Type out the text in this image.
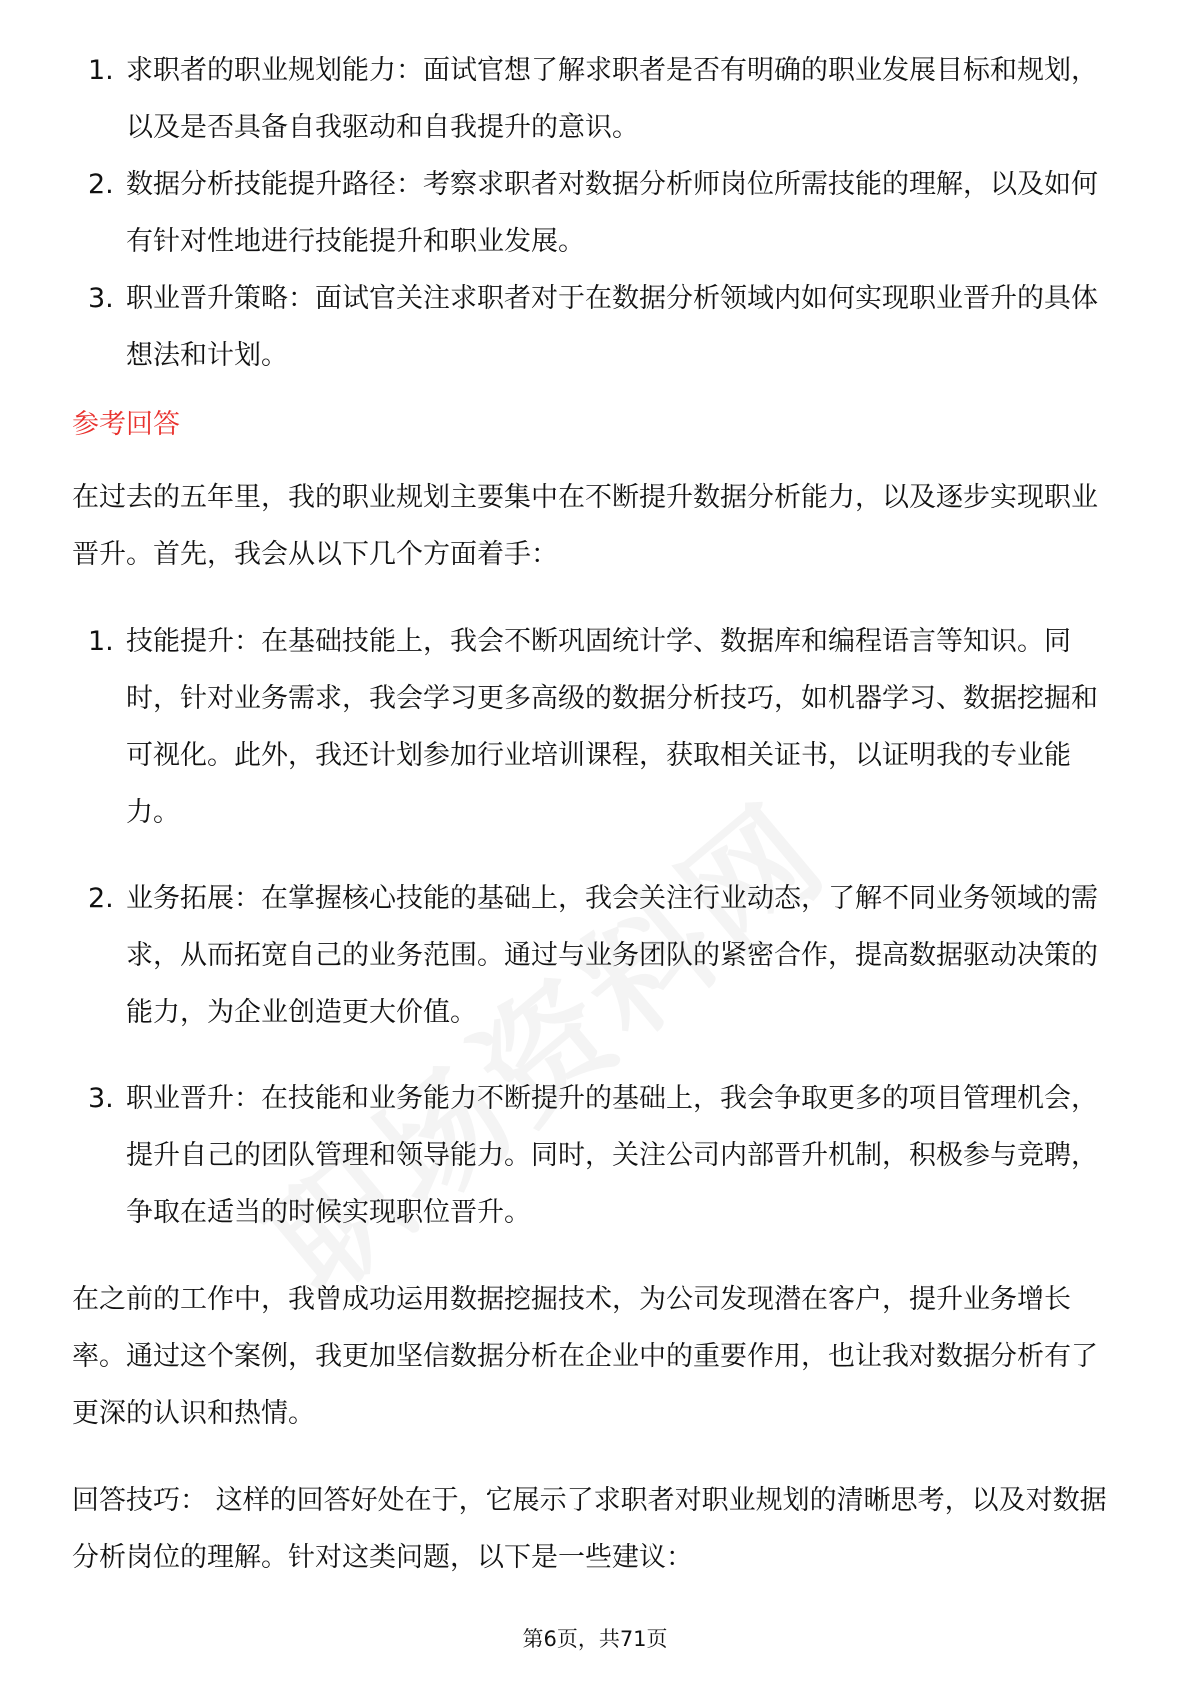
1. 求职者的职业规划能力：面试官想了解求职者是否有明确的职业发展目标和规划，以及是否具备自我驱动和自我提升的意识。
2. 数据分析技能提升路径：考察求职者对数据分析师岗位所需技能的理解，以及如何有针对性地进行技能提升和职业发展。
3. 职业晋升策略：面试官关注求职者对于在数据分析领域内如何实现职业晋升的具体想法和计划。
参考回答

在过去的五年里，我的职业规划主要集中在不断提升数据分析能力，以及逐步实现职业晋升。首先，我会从以下几个方面着手：

1. 技能提升：在基础技能上，我会不断巩固统计学、数据库和编程语言等知识。同时，针对业务需求，我会学习更多高级的数据分析技巧，如机器学习、数据挖掘和可视化。此外，我还计划参加行业培训课程，获取相关证书，以证明我的专业能力。
2. 业务拓展：在掌握核心技能的基础上，我会关注行业动态，了解不同业务领域的需求，从而拓宽自己的业务范围。通过与业务团队的紧密合作，提高数据驱动决策的能力，为企业创造更大价值。
3. 职业晋升：在技能和业务能力不断提升的基础上，我会争取更多的项目管理机会，提升自己的团队管理和领导能力。同时，关注公司内部晋升机制，积极参与竞聘，争取在适当的时候实现职位晋升。

在之前的工作中，我曾成功运用数据挖掘技术，为公司发现潜在客户，提升业务增长率。通过这个案例，我更加坚信数据分析在企业中的重要作用，也让我对数据分析有了更深的认识和热情。

回答技巧： 这样的回答好处在于，它展示了求职者对职业规划的清晰思考，以及对数据分析岗位的理解。针对这类问题，以下是一些建议：

第6页，共71页
